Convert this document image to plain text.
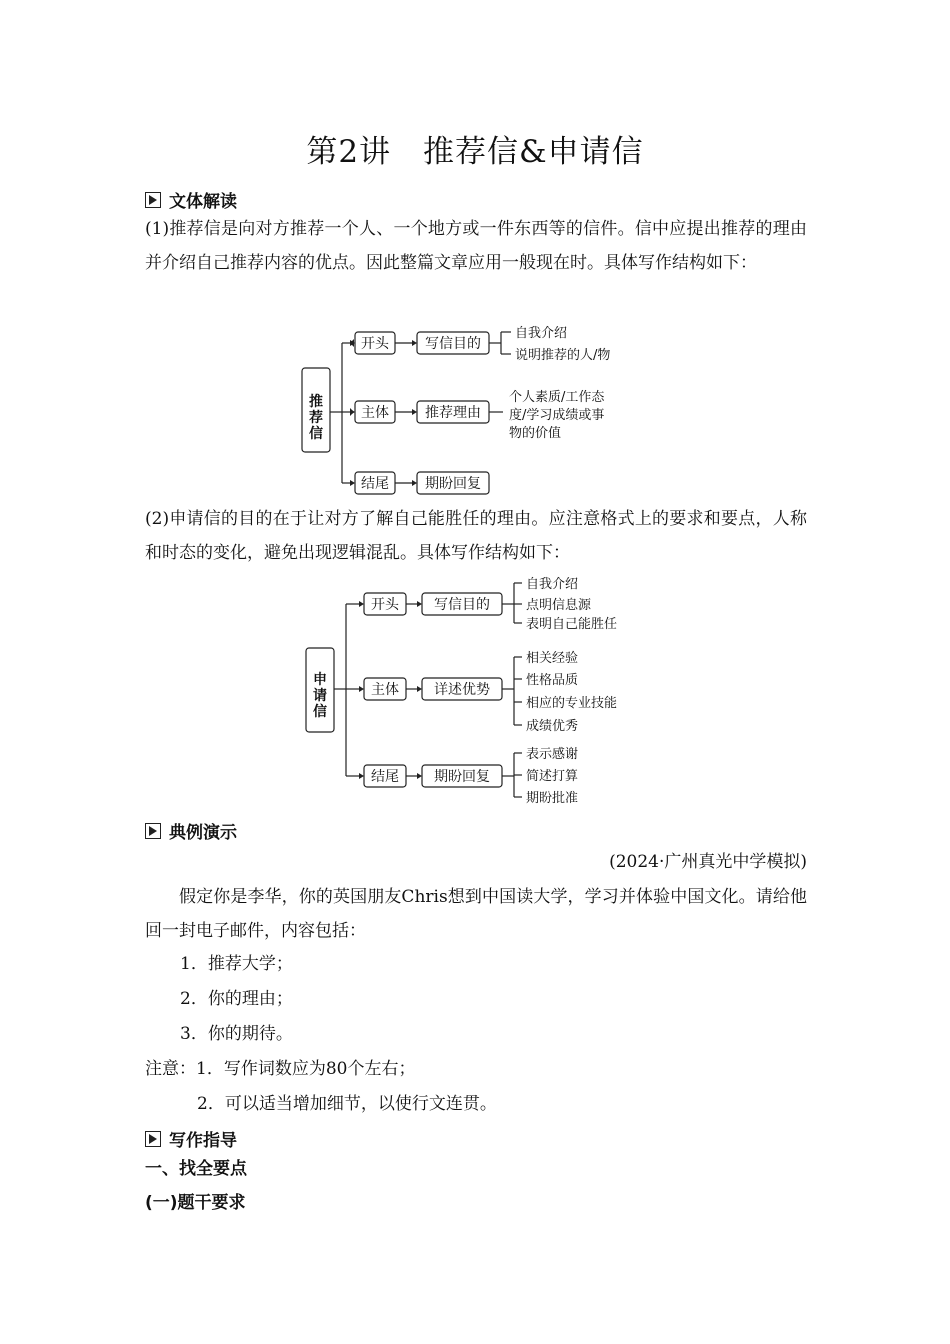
第2讲　推荐信&申请信
文体解读
(1)推荐信是向对方推荐一个人、一个地方或一件东西等的信件。信中应提出推荐的理由并介绍自己推荐内容的优点。因此整篇文章应用一般现在时。具体写作结构如下：
推
荐
信
开头
主体
结尾
写信目的
推荐理由
期盼回复
自我介绍
说明推荐的人/物
个人素质/工作态
度/学习成绩或事
物的价值
(2)申请信的目的在于让对方了解自己能胜任的理由。应注意格式上的要求和要点，人称和时态的变化，避免出现逻辑混乱。具体写作结构如下：
申
请
信
开头
主体
结尾
写信目的
详述优势
期盼回复
自我介绍
点明信息源
表明自己能胜任
相关经验
性格品质
相应的专业技能
成绩优秀
表示感谢
简述打算
期盼批准
典例演示
(2024·广州真光中学模拟)
假定你是李华，你的英国朋友Chris想到中国读大学，学习并体验中国文化。请给他回一封电子邮件，内容包括：
1．推荐大学；
2．你的理由；
3．你的期待。
注意：1．写作词数应为80个左右；
2．可以适当增加细节，以使行文连贯。
写作指导
一、找全要点
(一)题干要求
